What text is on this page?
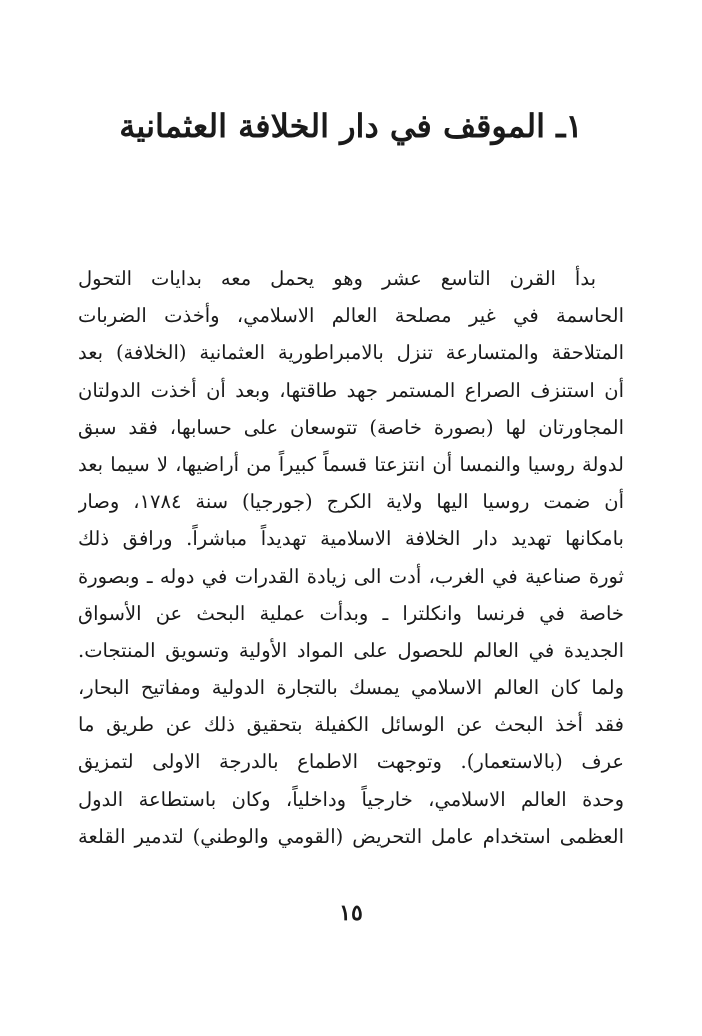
١ـ الموقف في دار الخلافة العثمانية
بدأ القرن التاسع عشر وهو يحمل معه بدايات التحول
الحاسمة في غير مصلحة العالم الاسلامي، وأخذت الضربات
المتلاحقة والمتسارعة تنزل بالامبراطورية العثمانية (الخلافة) بعد
أن استنزف الصراع المستمر جهد طاقتها، وبعد أن أخذت الدولتان
المجاورتان لها (بصورة خاصة) تتوسعان على حسابها، فقد سبق
لدولة روسيا والنمسا أن انتزعتا قسماً كبيراً من أراضيها، لا سيما بعد
أن ضمت روسيا اليها ولاية الكرج (جورجيا) سنة ١٧٨٤، وصار
بامكانها تهديد دار الخلافة الاسلامية تهديداً مباشراً. ورافق ذلك
ثورة صناعية في الغرب، أدت الى زيادة القدرات في دوله ـ وبصورة
خاصة في فرنسا وانكلترا ـ وبدأت عملية البحث عن الأسواق
الجديدة في العالم للحصول على المواد الأولية وتسويق المنتجات.
ولما كان العالم الاسلامي يمسك بالتجارة الدولية ومفاتيح البحار،
فقد أخذ البحث عن الوسائل الكفيلة بتحقيق ذلك عن طريق ما
عرف (بالاستعمار). وتوجهت الاطماع بالدرجة الاولى لتمزيق
وحدة العالم الاسلامي، خارجياً وداخلياً، وكان باستطاعة الدول
العظمى استخدام عامل التحريض (القومي والوطني) لتدمير القلعة
١٥
